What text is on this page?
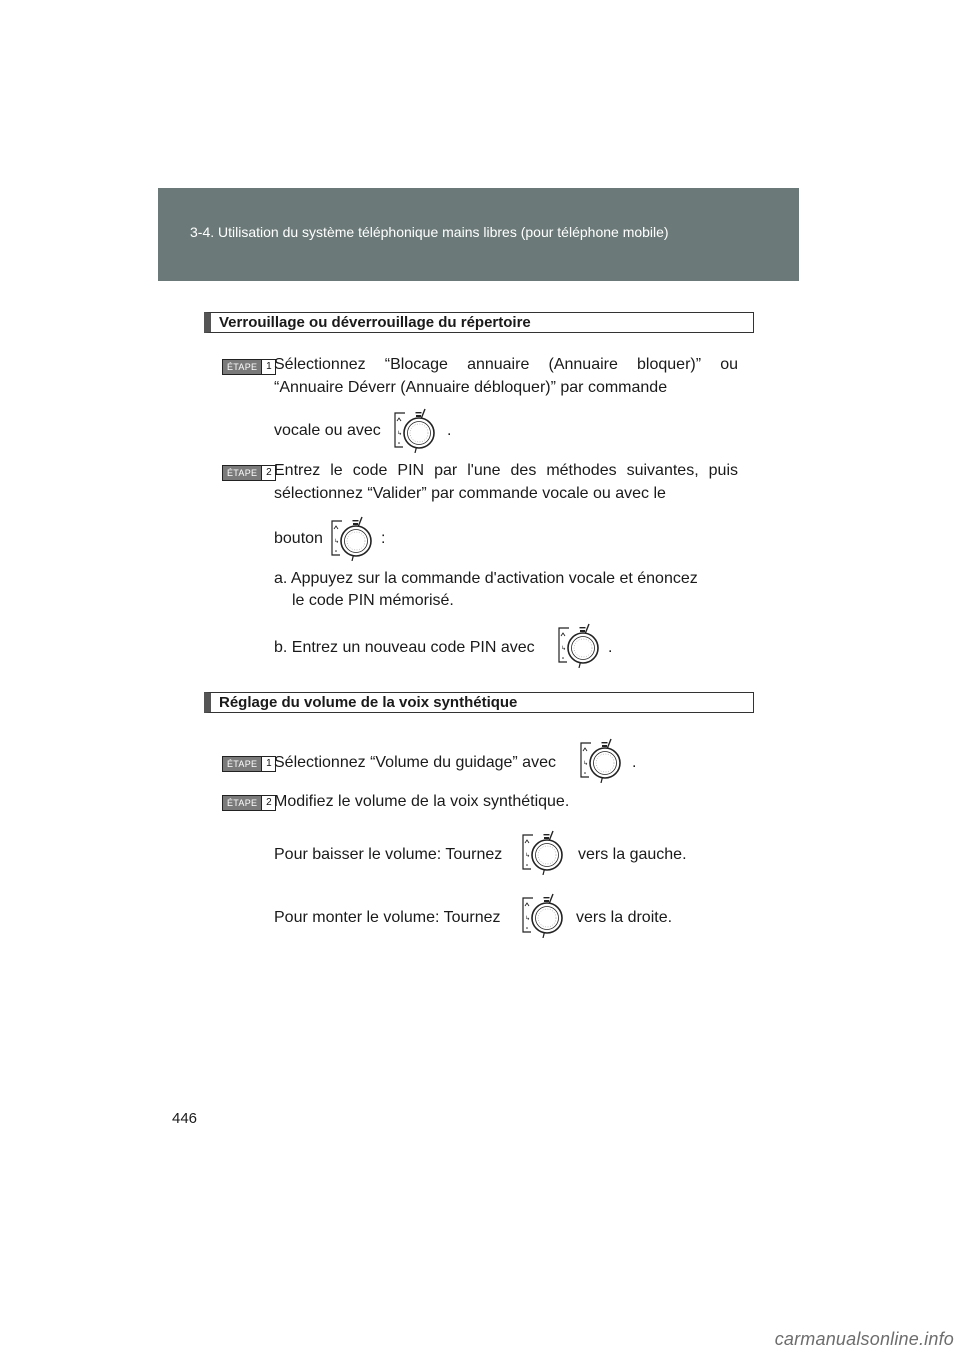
3-4. Utilisation du système téléphonique mains libres (pour téléphone mobile)
Verrouillage ou déverrouillage du répertoire
ÉTAPE 1 Sélectionnez “Blocage annuaire (Annuaire bloquer)” ou “Annuaire Déverr (Annuaire débloquer)” par commande

vocale ou avec	.
ÉTAPE 2 Entrez le code PIN par l'une des méthodes suivantes, puis sélectionnez “Valider” par commande vocale ou avec le

bouton	:

a. Appuyez sur la commande d'activation vocale et énoncez

le code PIN mémorisé.
b. Entrez un nouveau code PIN avec	.
Réglage du volume de la voix synthétique
ÉTAPE 1 Sélectionnez “Volume du guidage” avec	.
ÉTAPE 2 Modifiez le volume de la voix synthétique.
Pour baisser le volume: Tournez	vers la gauche.
Pour monter le volume: Tournez	vers la droite.
446
carmanualsonline.info
